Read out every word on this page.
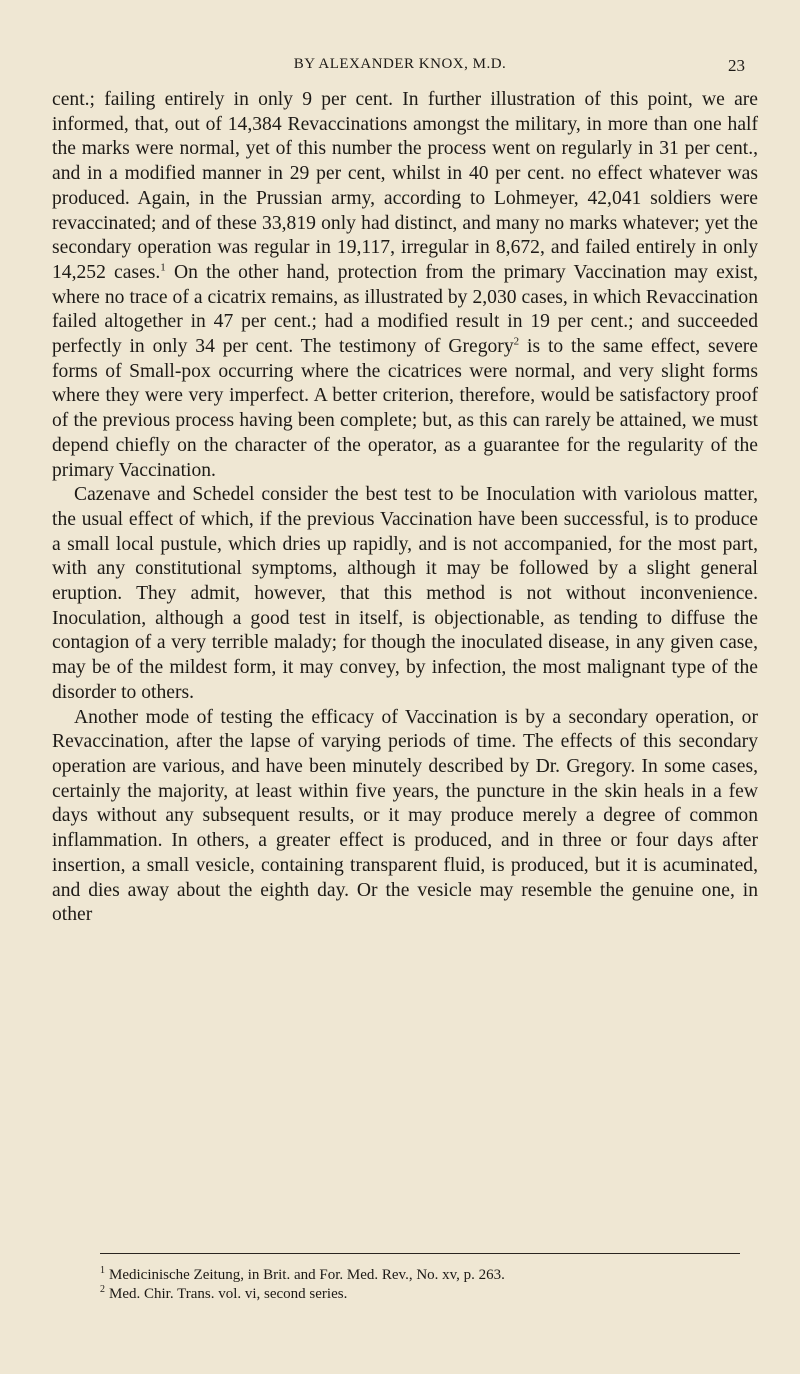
BY ALEXANDER KNOX, M.D.	23

cent.; failing entirely in only 9 per cent. In further illustration of this point, we are informed, that, out of 14,384 Revaccinations amongst the military, in more than one half the marks were normal, yet of this number the process went on regularly in 31 per cent., and in a modified manner in 29 per cent, whilst in 40 per cent. no effect whatever was produced. Again, in the Prussian army, according to Lohmeyer, 42,041 soldiers were revaccinated; and of these 33,819 only had distinct, and many no marks whatever; yet the secondary operation was regular in 19,117, irregular in 8,672, and failed entirely in only 14,252 cases.$^1$ On the other hand, protection from the primary Vaccination may exist, where no trace of a cicatrix remains, as illustrated by 2,030 cases, in which Revaccination failed altogether in 47 per cent.; had a modified result in 19 per cent.; and succeeded perfectly in only 34 per cent. The testimony of Gregory$^2$ is to the same effect, severe forms of Small-pox occurring where the cicatrices were normal, and very slight forms where they were very imperfect. A better criterion, therefore, would be satisfactory proof of the previous process having been complete; but, as this can rarely be attained, we must depend chiefly on the character of the operator, as a guarantee for the regularity of the primary Vaccination.

Cazenave and Schedel consider the best test to be Inoculation with variolous matter, the usual effect of which, if the previous Vaccination have been successful, is to produce a small local pustule, which dries up rapidly, and is not accompanied, for the most part, with any constitutional symptoms, although it may be followed by a slight general eruption. They admit, however, that this method is not without inconvenience. Inoculation, although a good test in itself, is objectionable, as tending to diffuse the contagion of a very terrible malady; for though the inoculated disease, in any given case, may be of the mildest form, it may convey, by infection, the most malignant type of the disorder to others.

Another mode of testing the efficacy of Vaccination is by a secondary operation, or Revaccination, after the lapse of varying periods of time. The effects of this secondary operation are various, and have been minutely described by Dr. Gregory. In some cases, certainly the majority, at least within five years, the puncture in the skin heals in a few days without any subsequent results, or it may produce merely a degree of common inflammation. In others, a greater effect is produced, and in three or four days after insertion, a small vesicle, containing transparent fluid, is produced, but it is acuminated, and dies away about the eighth day. Or the vesicle may resemble the genuine one, in other

$^1$ Medicinische Zeitung, in Brit. and For. Med. Rev., No. xv, p. 263.
$^2$ Med. Chir. Trans. vol. vi, second series.
